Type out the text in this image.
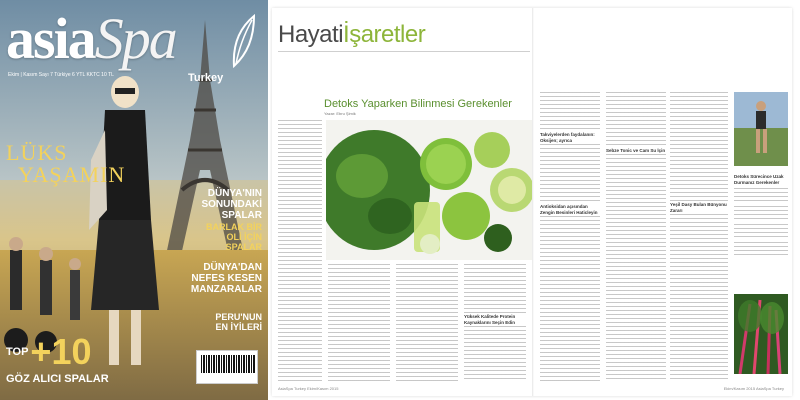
asiaSpa
Turkey
Ekim | Kasım Sayı 7 Türkiye 6 YTL KKTC 10 TL
LÜKS
YAŞAMIN
DÜNYA'NIN
SONUNDAKİ
SPALAR
BARLAK BİR
OLİ İÇİN
SPALAR
DÜNYA'DAN
NEFES KESEN
MANZARALAR
PERU'NUN
EN İYİLERİ
$^{TOP}$+10
GÖZ ALICI SPALAR
Hayatiİşaretler
Detoks Yaparken Bilinmesi Gerekenler
Yazar: Ebru Şimik
Yüksek Kalitede Protein Kaynaklarını Seçin Edin
Takviyelerden faydalanın: Oksijen; ayrıca
Antioksidan açısından Zengin Besinleri Haticleyin
Sebze Tonic ve Cam Su İçin
Yeşil Dasy Bulan Bünyonu Zararı
Detoks Sürecince Uzak Durmanız Gerekenler
AsiaSpa Turkey Ekim/Kasım 2015	Ekim/Kasım 2015 AsiaSpa Turkey
